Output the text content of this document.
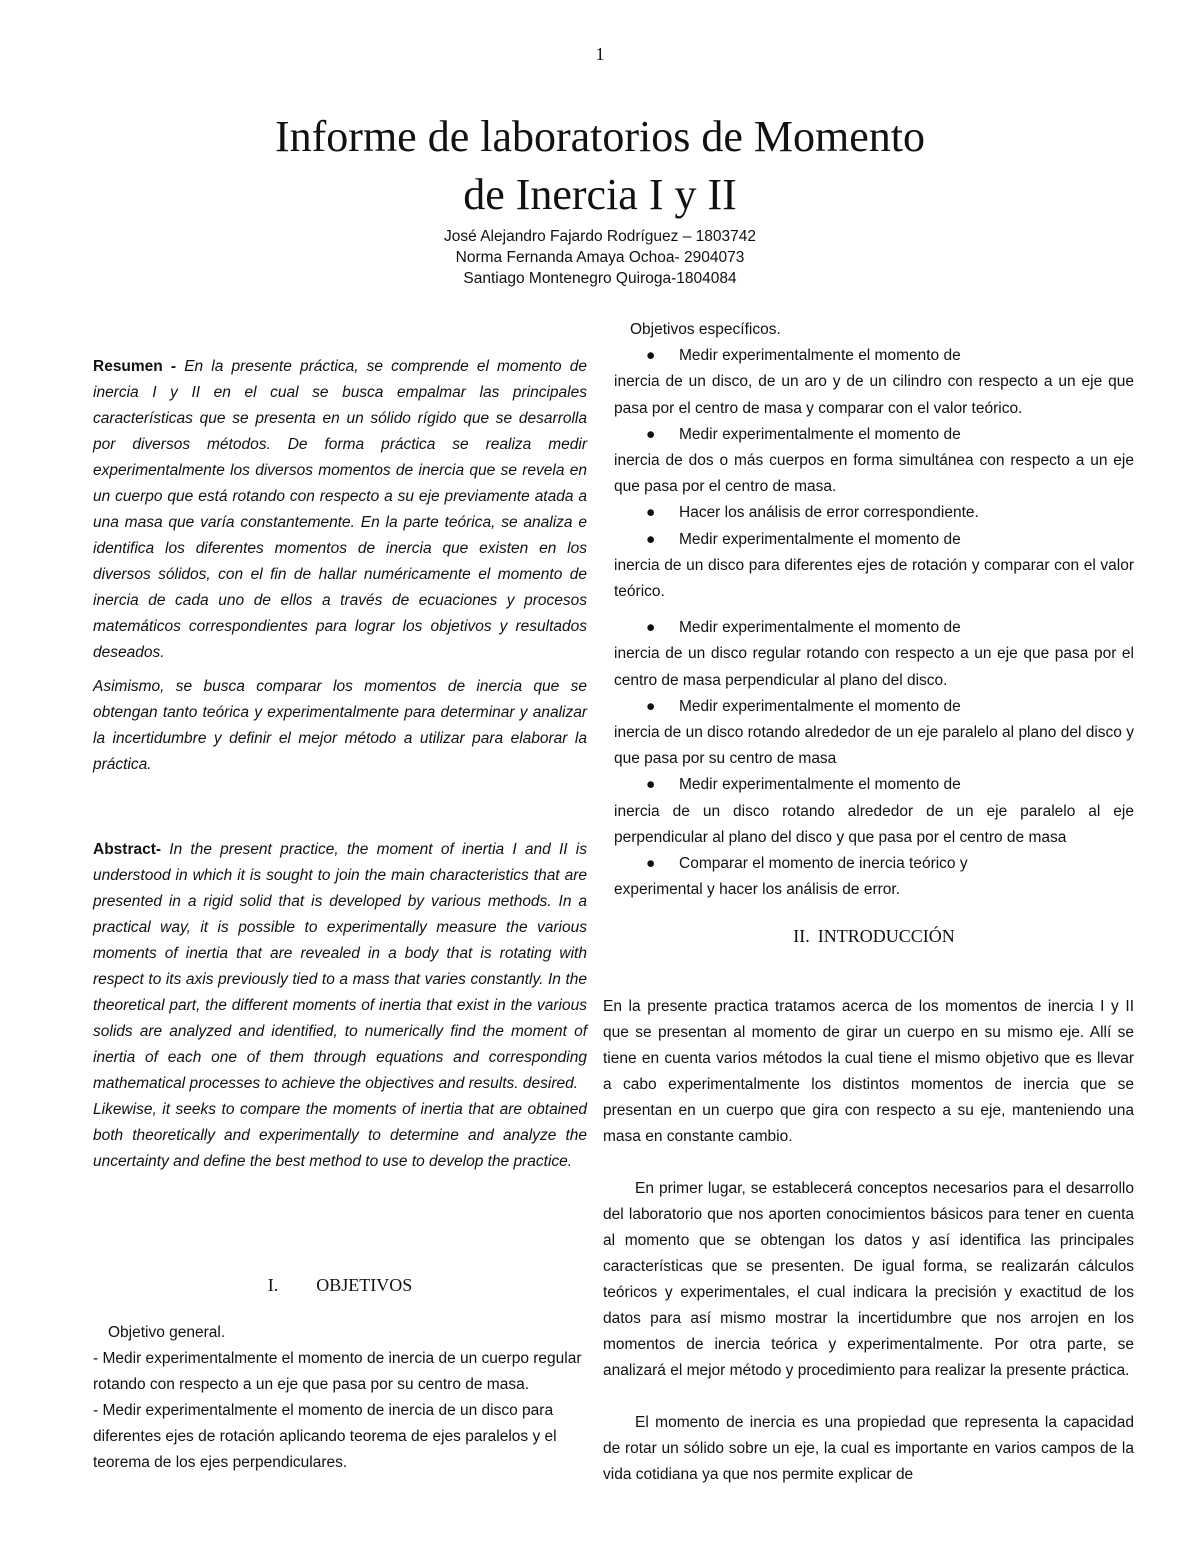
1
Informe de laboratorios de Momento
de Inercia I y II
José Alejandro Fajardo Rodríguez – 1803742
Norma Fernanda Amaya Ochoa- 2904073
Santiago Montenegro Quiroga-1804084

Resumen - En la presente práctica, se comprende el momento de inercia I y II en el cual se busca empalmar las principales características que se presenta en un sólido rígido que se desarrolla por diversos métodos. De forma práctica se realiza medir experimentalmente los diversos momentos de inercia que se revela en un cuerpo que está rotando con respecto a su eje previamente atada a una masa que varía constantemente. En la parte teórica, se analiza e identifica los diferentes momentos de inercia que existen en los diversos sólidos, con el fin de hallar numéricamente el momento de inercia de cada uno de ellos a través de ecuaciones y procesos matemáticos correspondientes para lograr los objetivos y resultados deseados.

Asimismo, se busca comparar los momentos de inercia que se obtengan tanto teórica y experimentalmente para determinar y analizar la incertidumbre y definir el mejor método a utilizar para elaborar la práctica.

Abstract- In the present practice, the moment of inertia I and II is understood in which it is sought to join the main characteristics that are presented in a rigid solid that is developed by various methods. In a practical way, it is possible to experimentally measure the various moments of inertia that are revealed in a body that is rotating with respect to its axis previously tied to a mass that varies constantly. In the theoretical part, the different moments of inertia that exist in the various solids are analyzed and identified, to numerically find the moment of inertia of each one of them through equations and corresponding mathematical processes to achieve the objectives and results. desired.

Likewise, it seeks to compare the moments of inertia that are obtained both theoretically and experimentally to determine and analyze the uncertainty and define the best method to use to develop the practice.

I. OBJETIVOS

Objetivo general.

- Medir experimentalmente el momento de inercia de un cuerpo regular rotando con respecto a un eje que pasa por su centro de masa.

- Medir experimentalmente el momento de inercia de un disco para diferentes ejes de rotación aplicando teorema de ejes paralelos y el teorema de los ejes perpendiculares.

Objetivos específicos.

● Medir experimentalmente el momento de
inercia de un disco, de un aro y de un cilindro con respecto a un eje que pasa por el centro de masa y comparar con el valor teórico.
● Medir experimentalmente el momento de
inercia de dos o más cuerpos en forma simultánea con respecto a un eje que pasa por el centro de masa.
● Hacer los análisis de error correspondiente.
● Medir experimentalmente el momento de
inercia de un disco para diferentes ejes de rotación y comparar con el valor teórico.
● Medir experimentalmente el momento de
inercia de un disco regular rotando con respecto a un eje que pasa por el centro de masa perpendicular al plano del disco.
● Medir experimentalmente el momento de
inercia de un disco rotando alrededor de un eje paralelo al plano del disco y que pasa por su centro de masa
● Medir experimentalmente el momento de
inercia de un disco rotando alrededor de un eje paralelo al eje perpendicular al plano del disco y que pasa por el centro de masa
● Comparar el momento de inercia teórico y
experimental y hacer los análisis de error.
II. INTRODUCCIÓN

En la presente practica tratamos acerca de los momentos de inercia I y II que se presentan al momento de girar un cuerpo en su mismo eje. Allí se tiene en cuenta varios métodos la cual tiene el mismo objetivo que es llevar a cabo experimentalmente los distintos momentos de inercia que se presentan en un cuerpo que gira con respecto a su eje, manteniendo una masa en constante cambio.

En primer lugar, se establecerá conceptos necesarios para el desarrollo del laboratorio que nos aporten conocimientos básicos para tener en cuenta al momento que se obtengan los datos y así identifica las principales características que se presenten. De igual forma, se realizarán cálculos teóricos y experimentales, el cual indicara la precisión y exactitud de los datos para así mismo mostrar la incertidumbre que nos arrojen en los momentos de inercia teórica y experimentalmente. Por otra parte, se analizará el mejor método y procedimiento para realizar la presente práctica.

El momento de inercia es una propiedad que representa la capacidad de rotar un sólido sobre un eje, la cual es importante en varios campos de la vida cotidiana ya que nos permite explicar de
